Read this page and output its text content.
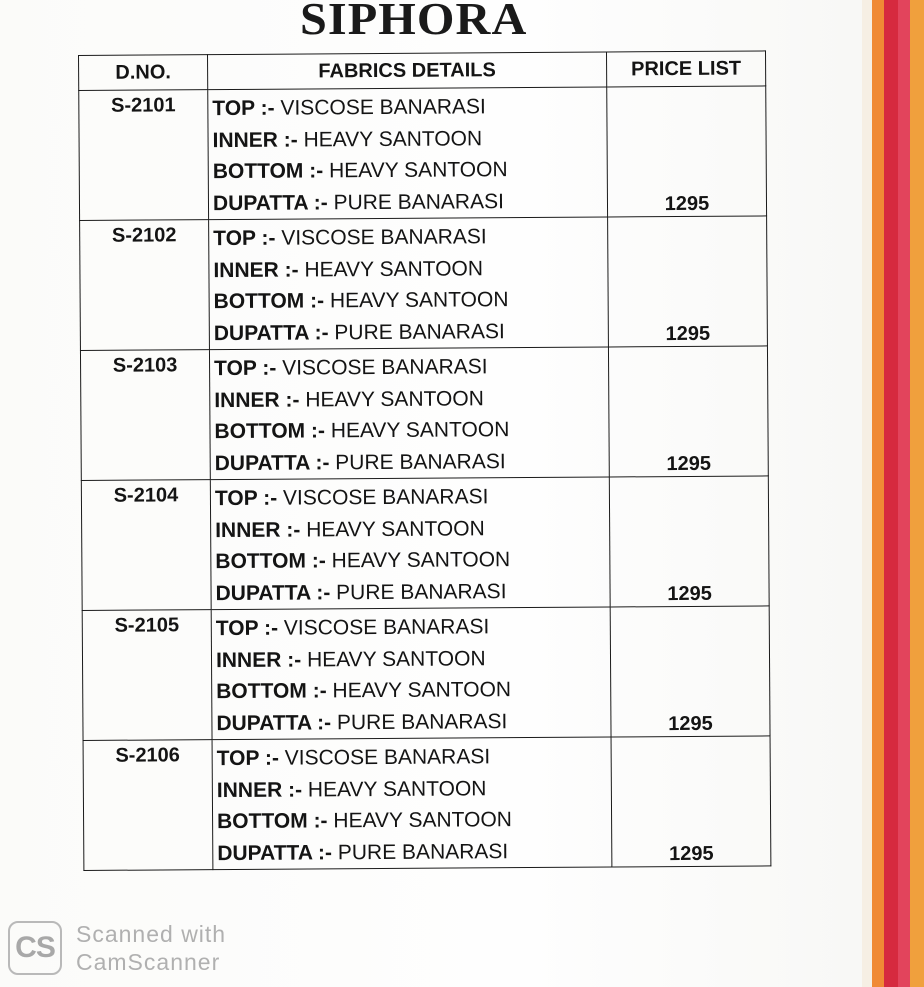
SIPHORA
D.NO.	FABRICS DETAILS	PRICE LIST
S-2101	TOP :- VISCOSE BANARASI
INNER :- HEAVY SANTOON
BOTTOM :- HEAVY SANTOON
DUPATTA :- PURE BANARASI	1295

S-2102	TOP :- VISCOSE BANARASI
INNER :- HEAVY SANTOON
BOTTOM :- HEAVY SANTOON
DUPATTA :- PURE BANARASI	1295

S-2103	TOP :- VISCOSE BANARASI
INNER :- HEAVY SANTOON
BOTTOM :- HEAVY SANTOON
DUPATTA :- PURE BANARASI	1295

S-2104	TOP :- VISCOSE BANARASI
INNER :- HEAVY SANTOON
BOTTOM :- HEAVY SANTOON
DUPATTA :- PURE BANARASI	1295

S-2105	TOP :- VISCOSE BANARASI
INNER :- HEAVY SANTOON
BOTTOM :- HEAVY SANTOON
DUPATTA :- PURE BANARASI	1295

S-2106	TOP :- VISCOSE BANARASI
INNER :- HEAVY SANTOON
BOTTOM :- HEAVY SANTOON
DUPATTA :- PURE BANARASI	1295
CS Scanned with
CamScanner
